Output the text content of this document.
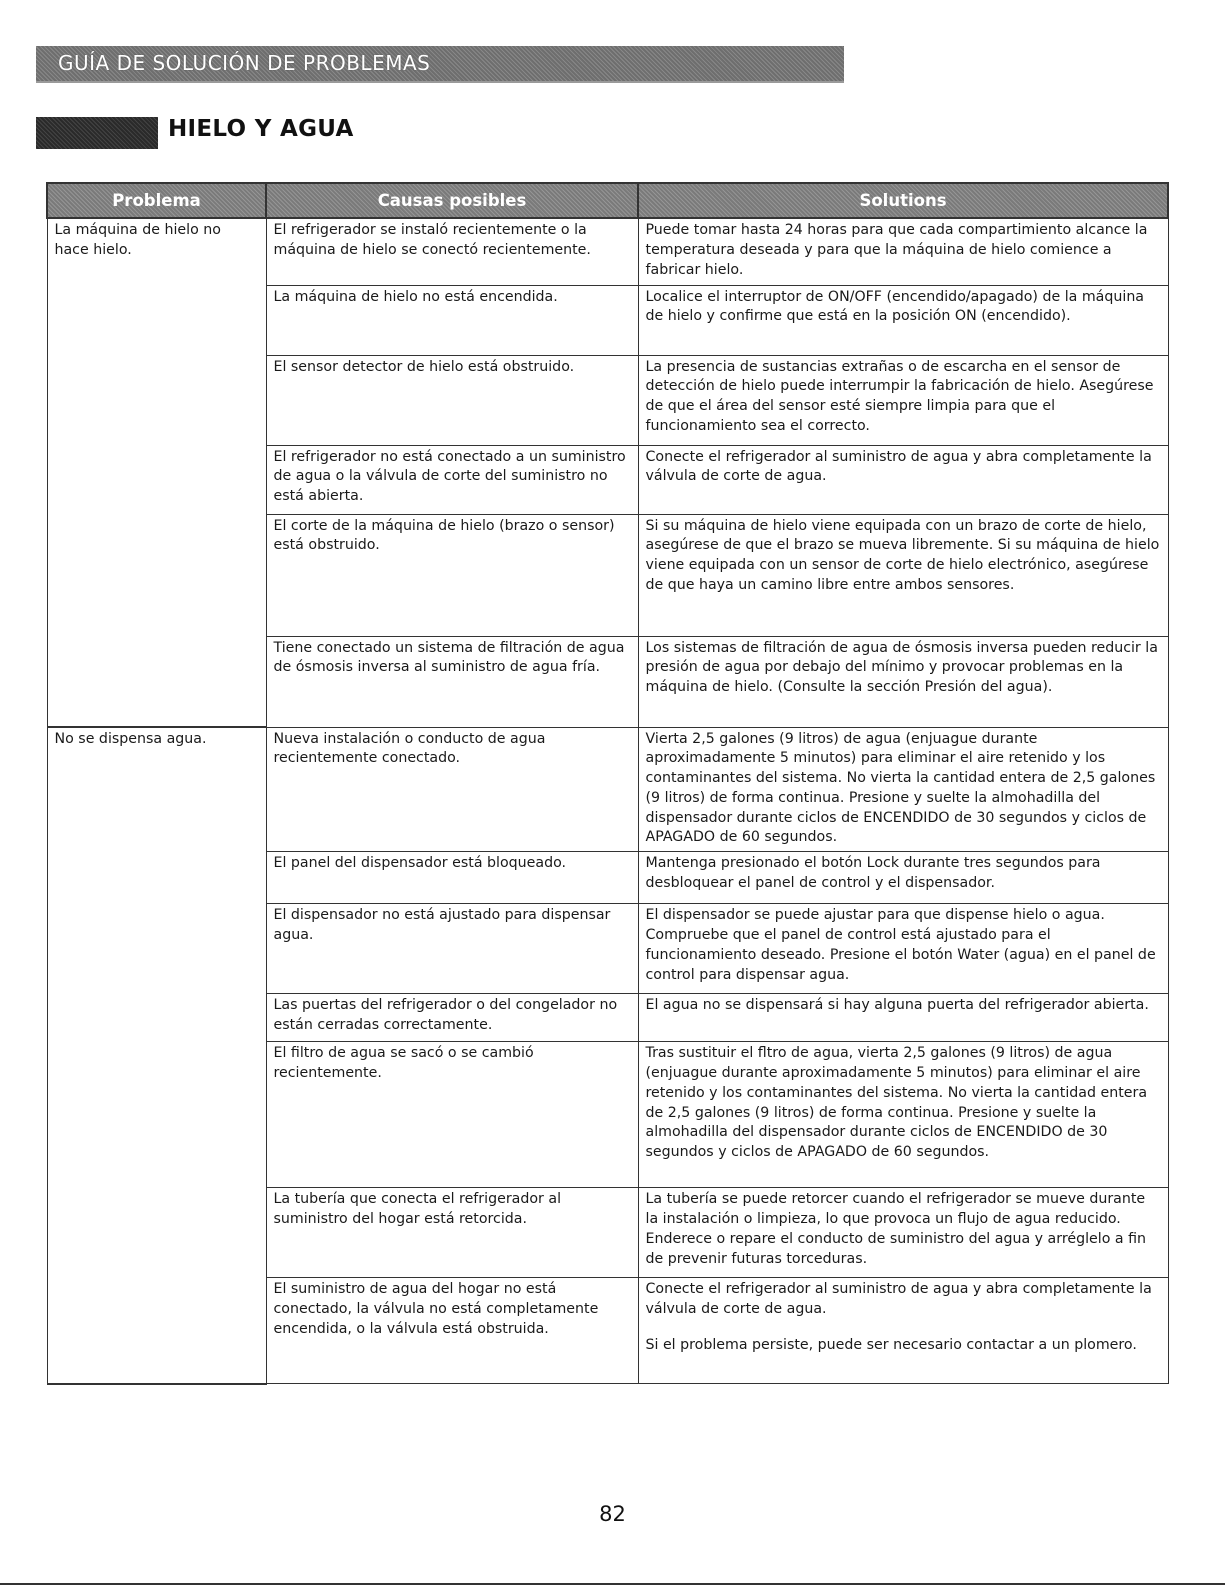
GUÍA DE SOLUCIÓN DE PROBLEMAS
HIELO Y AGUA
Problema	Causas posibles	Solutions
La máquina de hielo no hace hielo.	El refrigerador se instaló recientemente o la máquina de hielo se conectó recientemente.	Puede tomar hasta 24 horas para que cada compartimiento alcance la temperatura deseada y para que la máquina de hielo comience a fabricar hielo.
	La máquina de hielo no está encendida.	Localice el interruptor de ON/OFF (encendido/apagado) de la máquina de hielo y confirme que está en la posición ON (encendido).
	El sensor detector de hielo está obstruido.	La presencia de sustancias extrañas o de escarcha en el sensor de detección de hielo puede interrumpir la fabricación de hielo. Asegúrese de que el área del sensor esté siempre limpia para que el funcionamiento sea el correcto.
	El refrigerador no está conectado a un suministro de agua o la válvula de corte del suministro no está abierta.	Conecte el refrigerador al suministro de agua y abra completamente la válvula de corte de agua.
	El corte de la máquina de hielo (brazo o sensor) está obstruido.	Si su máquina de hielo viene equipada con un brazo de corte de hielo, asegúrese de que el brazo se mueva libremente. Si su máquina de hielo viene equipada con un sensor de corte de hielo electrónico, asegúrese de que haya un camino libre entre ambos sensores.
	Tiene conectado un sistema de filtración de agua de ósmosis inversa al suministro de agua fría.	Los sistemas de filtración de agua de ósmosis inversa pueden reducir la presión de agua por debajo del mínimo y provocar problemas en la máquina de hielo. (Consulte la sección Presión del agua).
No se dispensa agua.	Nueva instalación o conducto de agua recientemente conectado.	Vierta 2,5 galones (9 litros) de agua (enjuague durante aproximadamente 5 minutos) para eliminar el aire retenido y los contaminantes del sistema. No vierta la cantidad entera de 2,5 galones (9 litros) de forma continua. Presione y suelte la almohadilla del dispensador durante ciclos de ENCENDIDO de 30 segundos y ciclos de APAGADO de 60 segundos.
	El panel del dispensador está bloqueado.	Mantenga presionado el botón Lock durante tres segundos para desbloquear el panel de control y el dispensador.
	El dispensador no está ajustado para dispensar agua.	El dispensador se puede ajustar para que dispense hielo o agua. Compruebe que el panel de control está ajustado para el funcionamiento deseado. Presione el botón Water (agua) en el panel de control para dispensar agua.
	Las puertas del refrigerador o del congelador no están cerradas correctamente.	El agua no se dispensará si hay alguna puerta del refrigerador abierta.
	El filtro de agua se sacó o se cambió recientemente.	Tras sustituir el fltro de agua, vierta 2,5 galones (9 litros) de agua (enjuague durante aproximadamente 5 minutos) para eliminar el aire retenido y los contaminantes del sistema. No vierta la cantidad entera de 2,5 galones (9 litros) de forma continua. Presione y suelte la almohadilla del dispensador durante ciclos de ENCENDIDO de 30 segundos y ciclos de APAGADO de 60 segundos.
	La tubería que conecta el refrigerador al suministro del hogar está retorcida.	La tubería se puede retorcer cuando el refrigerador se mueve durante la instalación o limpieza, lo que provoca un flujo de agua reducido. Enderece o repare el conducto de suministro del agua y arréglelo a fin de prevenir futuras torceduras.
	El suministro de agua del hogar no está conectado, la válvula no está completamente encendida, o la válvula está obstruida.	Conecte el refrigerador al suministro de agua y abra completamente la válvula de corte de agua.
Si el problema persiste, puede ser necesario contactar a un plomero.
82
